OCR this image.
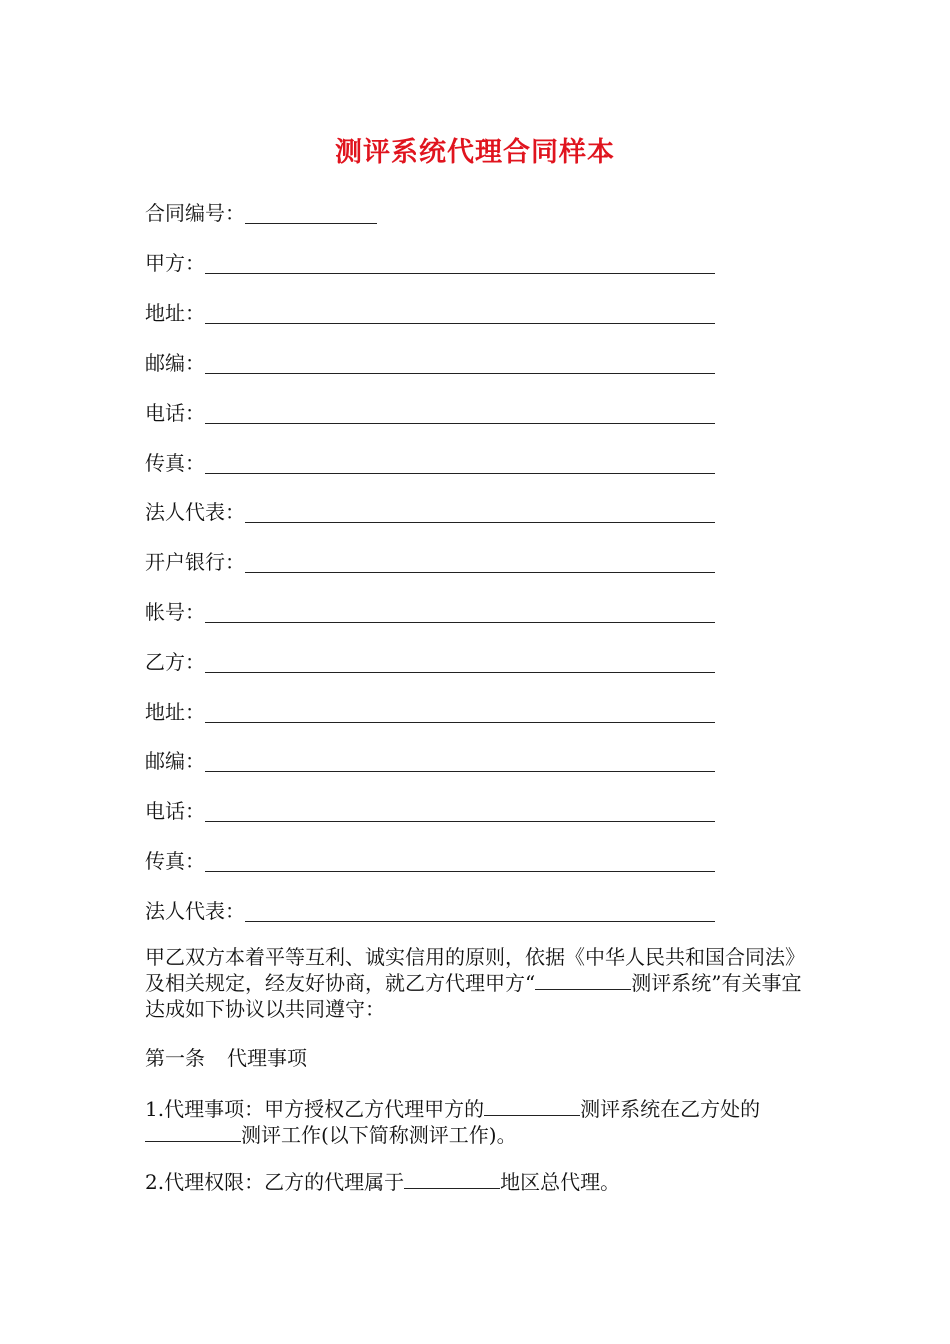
测评系统代理合同样本
合同编号：
甲方：
地址：
邮编：
电话：
传真：
法人代表：
开户银行：
帐号：
乙方：
地址：
邮编：
电话：
传真：
法人代表：

甲乙双方本着平等互利、诚实信用的原则，依据《中华人民共和国合同法》及相关规定，经友好协商，就乙方代理甲方“	测评系统”有关事宜达成如下协议以共同遵守：

第一条 代理事项

1.代理事项：甲方授权乙方代理甲方的	测评系统在乙方处的测评工作(以下简称测评工作)。

2.代理权限：乙方的代理属于	地区总代理。
